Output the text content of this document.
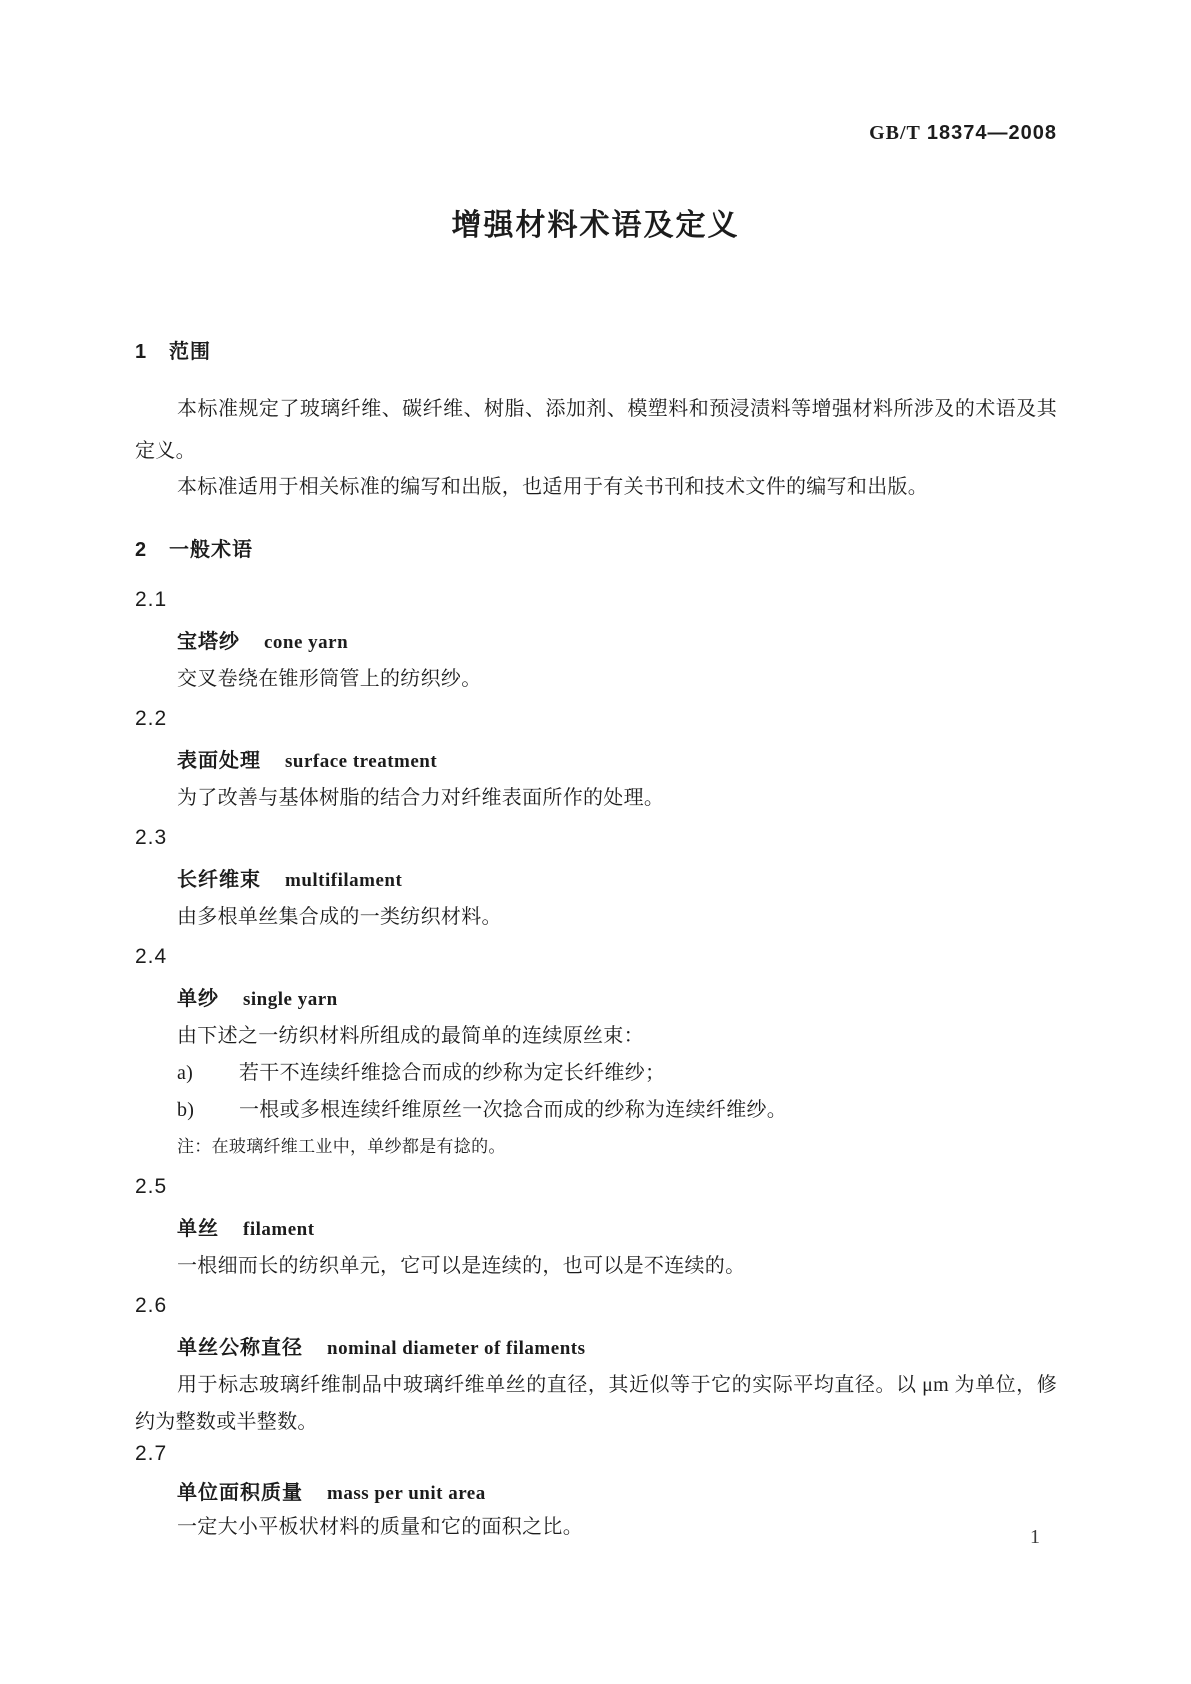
GB/T 18374—2008
增强材料术语及定义
1 范围
本标准规定了玻璃纤维、碳纤维、树脂、添加剂、模塑料和预浸渍料等增强材料所涉及的术语及其
定义。
本标准适用于相关标准的编写和出版，也适用于有关书刊和技术文件的编写和出版。
2 一般术语
2.1
宝塔纱 cone yarn
交叉卷绕在锥形筒管上的纺织纱。
2.2
表面处理 surface treatment
为了改善与基体树脂的结合力对纤维表面所作的处理。
2.3
长纤维束 multifilament
由多根单丝集合成的一类纺织材料。
2.4
单纱 single yarn
由下述之一纺织材料所组成的最简单的连续原丝束：
a) 若干不连续纤维捻合而成的纱称为定长纤维纱；
b) 一根或多根连续纤维原丝一次捻合而成的纱称为连续纤维纱。
注：在玻璃纤维工业中，单纱都是有捻的。
2.5
单丝 filament
一根细而长的纺织单元，它可以是连续的，也可以是不连续的。
2.6
单丝公称直径 nominal diameter of filaments
用于标志玻璃纤维制品中玻璃纤维单丝的直径，其近似等于它的实际平均直径。以 μm 为单位，修
约为整数或半整数。
2.7
单位面积质量 mass per unit area
一定大小平板状材料的质量和它的面积之比。	1
